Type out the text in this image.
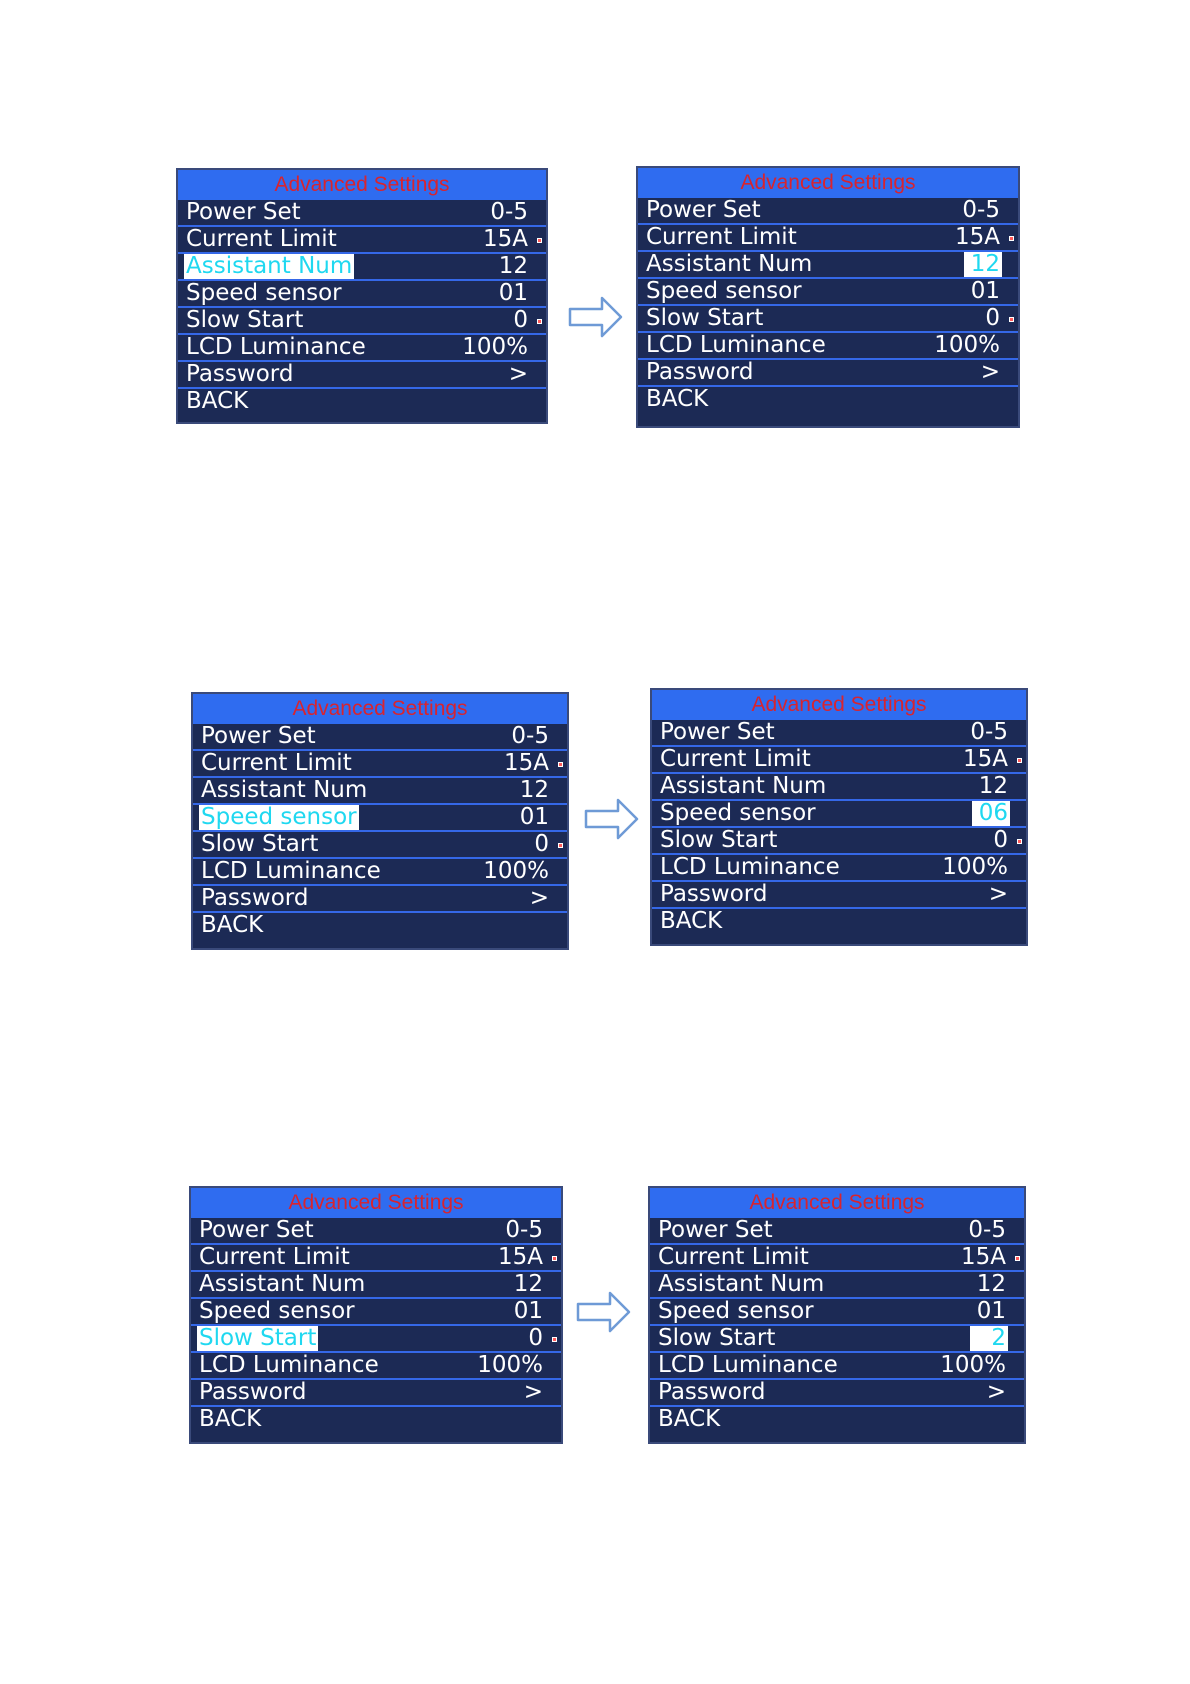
Advanced Settings
Power Set	0-5
Current Limit	15A
Assistant Num	12
Speed sensor	01
Slow Start	0
LCD Luminance	100%
Password	>
BACK
Advanced Settings
Power Set	0-5
Current Limit	15A
Assistant Num	12
Speed sensor	01
Slow Start	0
LCD Luminance	100%
Password	>
BACK
Advanced Settings
Power Set	0-5
Current Limit	15A
Assistant Num	12
Speed sensor	01
Slow Start	0
LCD Luminance	100%
Password	>
BACK
Advanced Settings
Power Set	0-5
Current Limit	15A
Assistant Num	12
Speed sensor	06
Slow Start	0
LCD Luminance	100%
Password	>
BACK
Advanced Settings
Power Set	0-5
Current Limit	15A
Assistant Num	12
Speed sensor	01
Slow Start	0
LCD Luminance	100%
Password	>
BACK
Advanced Settings
Power Set	0-5
Current Limit	15A
Assistant Num	12
Speed sensor	01
Slow Start	2
LCD Luminance	100%
Password	>
BACK
